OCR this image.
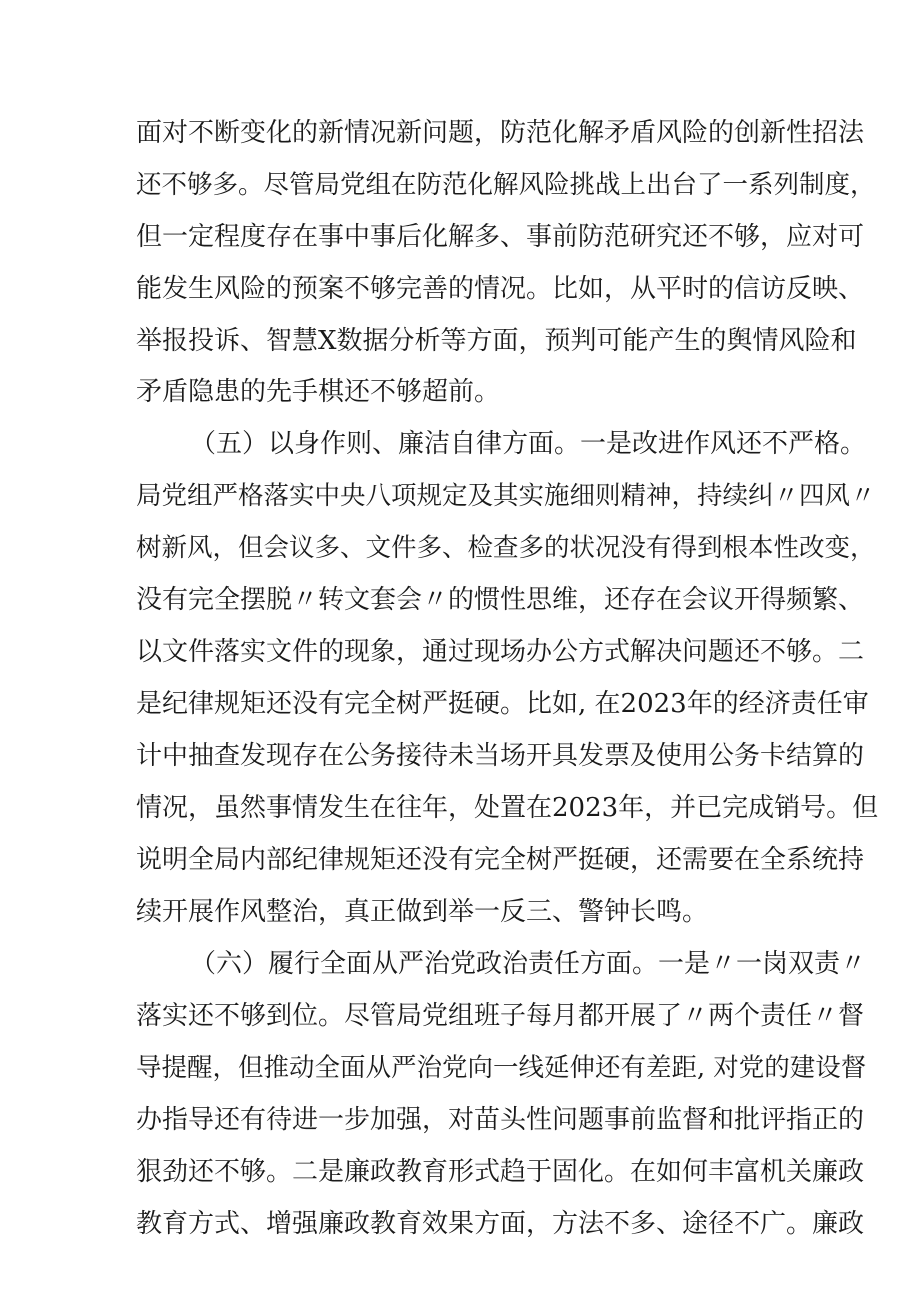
面对不断变化的新情况新问题，防范化解矛盾风险的创新性招法
还不够多。尽管局党组在防范化解风险挑战上出台了一系列制度，
但一定程度存在事中事后化解多、事前防范研究还不够，应对可
能发生风险的预案不够完善的情况。比如，从平时的信访反映、
举报投诉、智慧X数据分析等方面，预判可能产生的舆情风险和
矛盾隐患的先手棋还不够超前。
（五）以身作则、廉洁自律方面。一是改进作风还不严格。
局党组严格落实中央八项规定及其实施细则精神，持续纠〃四风〃
树新风，但会议多、文件多、检查多的状况没有得到根本性改变，
没有完全摆脱〃转文套会〃的惯性思维，还存在会议开得频繁、
以文件落实文件的现象，通过现场办公方式解决问题还不够。二
是纪律规矩还没有完全树严挺硬。比如, 在2023年的经济责任审
计中抽查发现存在公务接待未当场开具发票及使用公务卡结算的
情况，虽然事情发生在往年，处置在2023年，并已完成销号。但
说明全局内部纪律规矩还没有完全树严挺硬，还需要在全系统持
续开展作风整治，真正做到举一反三、警钟长鸣。
（六）履行全面从严治党政治责任方面。一是〃一岗双责〃
落实还不够到位。尽管局党组班子每月都开展了〃两个责任〃督
导提醒，但推动全面从严治党向一线延伸还有差距, 对党的建设督
办指导还有待进一步加强，对苗头性问题事前监督和批评指正的
狠劲还不够。二是廉政教育形式趋于固化。在如何丰富机关廉政
教育方式、增强廉政教育效果方面，方法不多、途径不广。廉政
